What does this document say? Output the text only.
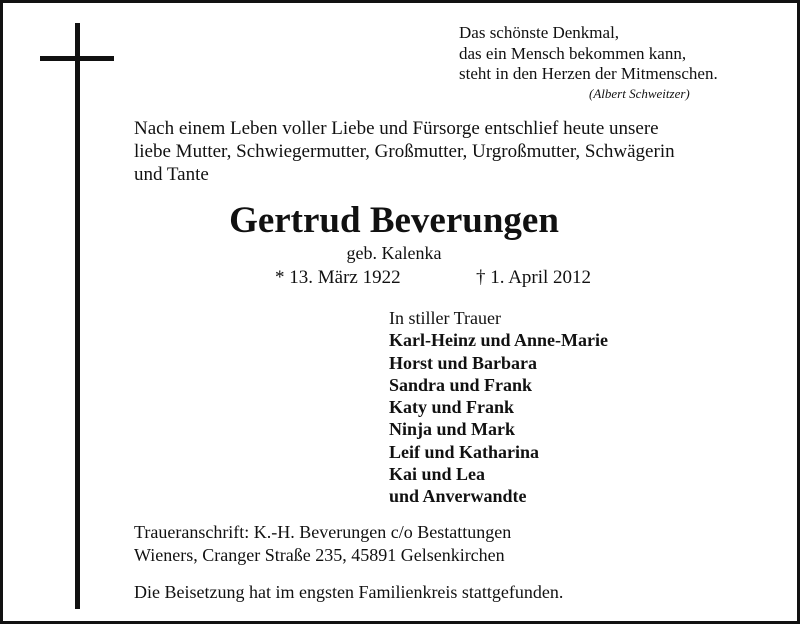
Das schönste Denkmal,
das ein Mensch bekommen kann,
steht in den Herzen der Mitmenschen.
(Albert Schweitzer)
Nach einem Leben voller Liebe und Fürsorge entschlief heute unsere
liebe Mutter, Schwiegermutter, Großmutter, Urgroßmutter, Schwägerin
und Tante
Gertrud Beverungen
geb. Kalenka
* 13. März 1922	† 1. April 2012
In stiller Trauer
Karl-Heinz und Anne-Marie
Horst und Barbara
Sandra und Frank
Katy und Frank
Ninja und Mark
Leif und Katharina
Kai und Lea
und Anverwandte
Traueranschrift: K.-H. Beverungen c/o Bestattungen
Wieners, Cranger Straße 235, 45891 Gelsenkirchen
Die Beisetzung hat im engsten Familienkreis stattgefunden.
